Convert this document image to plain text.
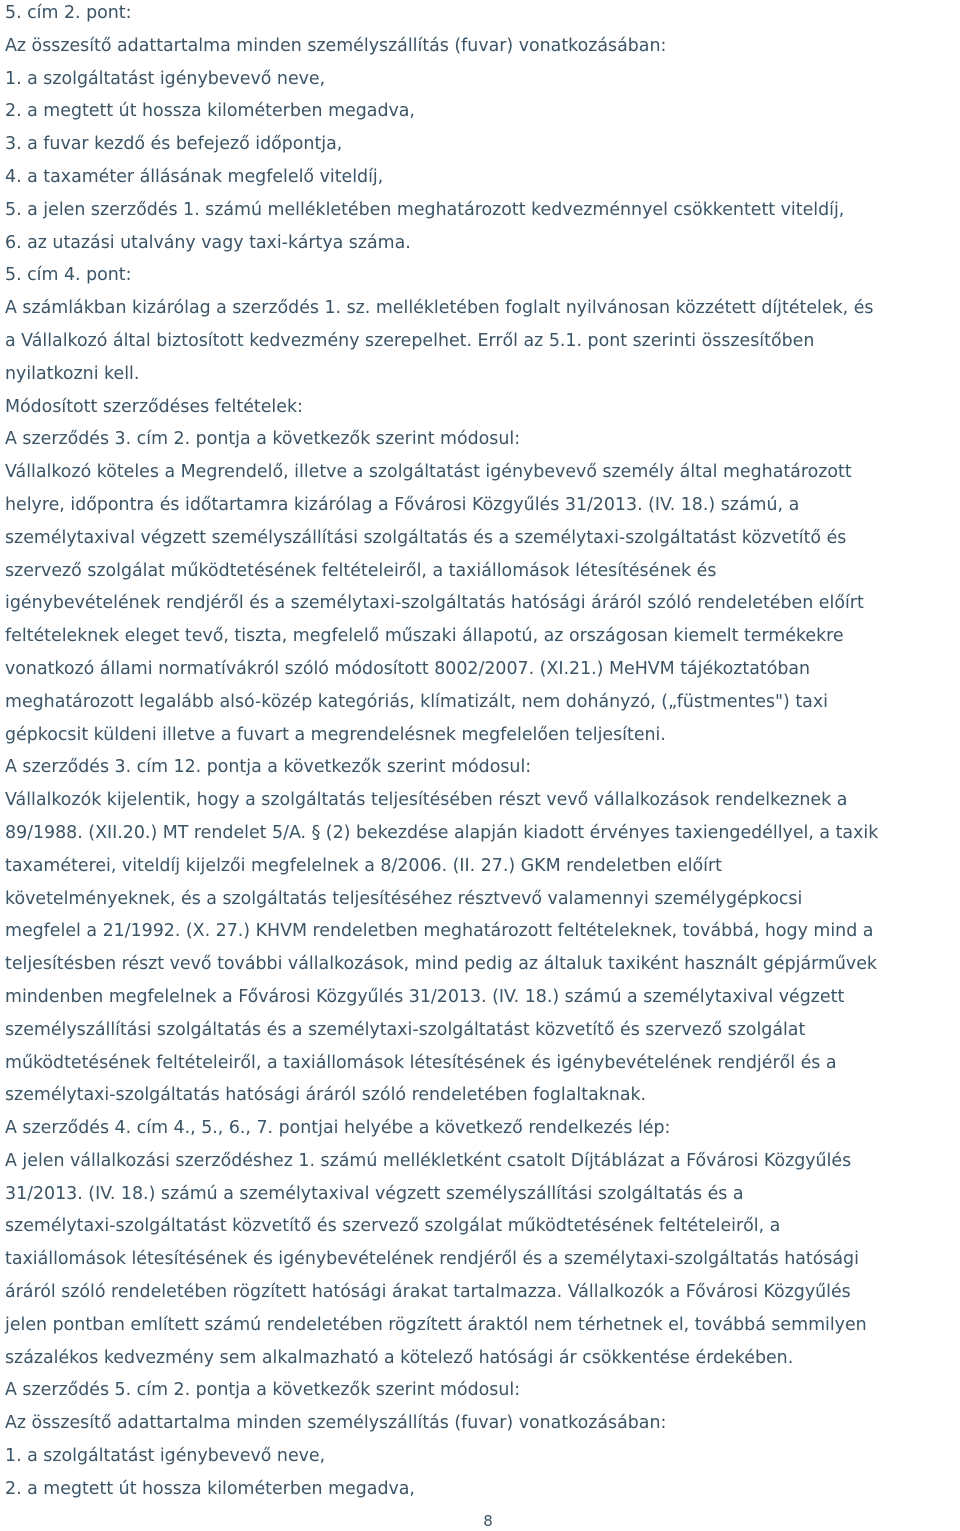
5. cím 2. pont:
Az összesítő adattartalma minden személyszállítás (fuvar) vonatkozásában:
1. a szolgáltatást igénybevevő neve,
2. a megtett út hossza kilométerben megadva,
3. a fuvar kezdő és befejező időpontja,
4. a taxaméter állásának megfelelő viteldíj,
5. a jelen szerződés 1. számú mellékletében meghatározott kedvezménnyel csökkentett viteldíj,
6. az utazási utalvány vagy taxi-kártya száma.
5. cím 4. pont:
A számlákban kizárólag a szerződés 1. sz. mellékletében foglalt nyilvánosan közzétett díjtételek, és
a Vállalkozó által biztosított kedvezmény szerepelhet. Erről az 5.1. pont szerinti összesítőben
nyilatkozni kell.
Módosított szerződéses feltételek:
A szerződés 3. cím 2. pontja a következők szerint módosul:
Vállalkozó köteles a Megrendelő, illetve a szolgáltatást igénybevevő személy által meghatározott
helyre, időpontra és időtartamra kizárólag a Fővárosi Közgyűlés 31/2013. (IV. 18.) számú, a
személytaxival végzett személyszállítási szolgáltatás és a személytaxi-szolgáltatást közvetítő és
szervező szolgálat működtetésének feltételeiről, a taxiállomások létesítésének és
igénybevételének rendjéről és a személytaxi-szolgáltatás hatósági áráról szóló rendeletében előírt
feltételeknek eleget tevő, tiszta, megfelelő műszaki állapotú, az országosan kiemelt termékekre
vonatkozó állami normatívákról szóló módosított 8002/2007. (XI.21.) MeHVM tájékoztatóban
meghatározott legalább alsó-közép kategóriás, klímatizált, nem dohányzó, („füstmentes") taxi
gépkocsit küldeni illetve a fuvart a megrendelésnek megfelelően teljesíteni.
A szerződés 3. cím 12. pontja a következők szerint módosul:
Vállalkozók kijelentik, hogy a szolgáltatás teljesítésében részt vevő vállalkozások rendelkeznek a
89/1988. (XII.20.) MT rendelet 5/A. § (2) bekezdése alapján kiadott érvényes taxiengedéllyel, a taxik
taxaméterei, viteldíj kijelzői megfelelnek a 8/2006. (II. 27.) GKM rendeletben előírt
követelményeknek, és a szolgáltatás teljesítéséhez résztvevő valamennyi személygépkocsi
megfelel a 21/1992. (X. 27.) KHVM rendeletben meghatározott feltételeknek, továbbá, hogy mind a
teljesítésben részt vevő további vállalkozások, mind pedig az általuk taxiként használt gépjárművek
mindenben megfelelnek a Fővárosi Közgyűlés 31/2013. (IV. 18.) számú a személytaxival végzett
személyszállítási szolgáltatás és a személytaxi-szolgáltatást közvetítő és szervező szolgálat
működtetésének feltételeiről, a taxiállomások létesítésének és igénybevételének rendjéről és a
személytaxi-szolgáltatás hatósági áráról szóló rendeletében foglaltaknak.
A szerződés 4. cím 4., 5., 6., 7. pontjai helyébe a következő rendelkezés lép:
A jelen vállalkozási szerződéshez 1. számú mellékletként csatolt Díjtáblázat a Fővárosi Közgyűlés
31/2013. (IV. 18.) számú a személytaxival végzett személyszállítási szolgáltatás és a
személytaxi-szolgáltatást közvetítő és szervező szolgálat működtetésének feltételeiről, a
taxiállomások létesítésének és igénybevételének rendjéről és a személytaxi-szolgáltatás hatósági
áráról szóló rendeletében rögzített hatósági árakat tartalmazza. Vállalkozók a Fővárosi Közgyűlés
jelen pontban említett számú rendeletében rögzített áraktól nem térhetnek el, továbbá semmilyen
százalékos kedvezmény sem alkalmazható a kötelező hatósági ár csökkentése érdekében.
A szerződés 5. cím 2. pontja a következők szerint módosul:
Az összesítő adattartalma minden személyszállítás (fuvar) vonatkozásában:
1. a szolgáltatást igénybevevő neve,
2. a megtett út hossza kilométerben megadva,
8
